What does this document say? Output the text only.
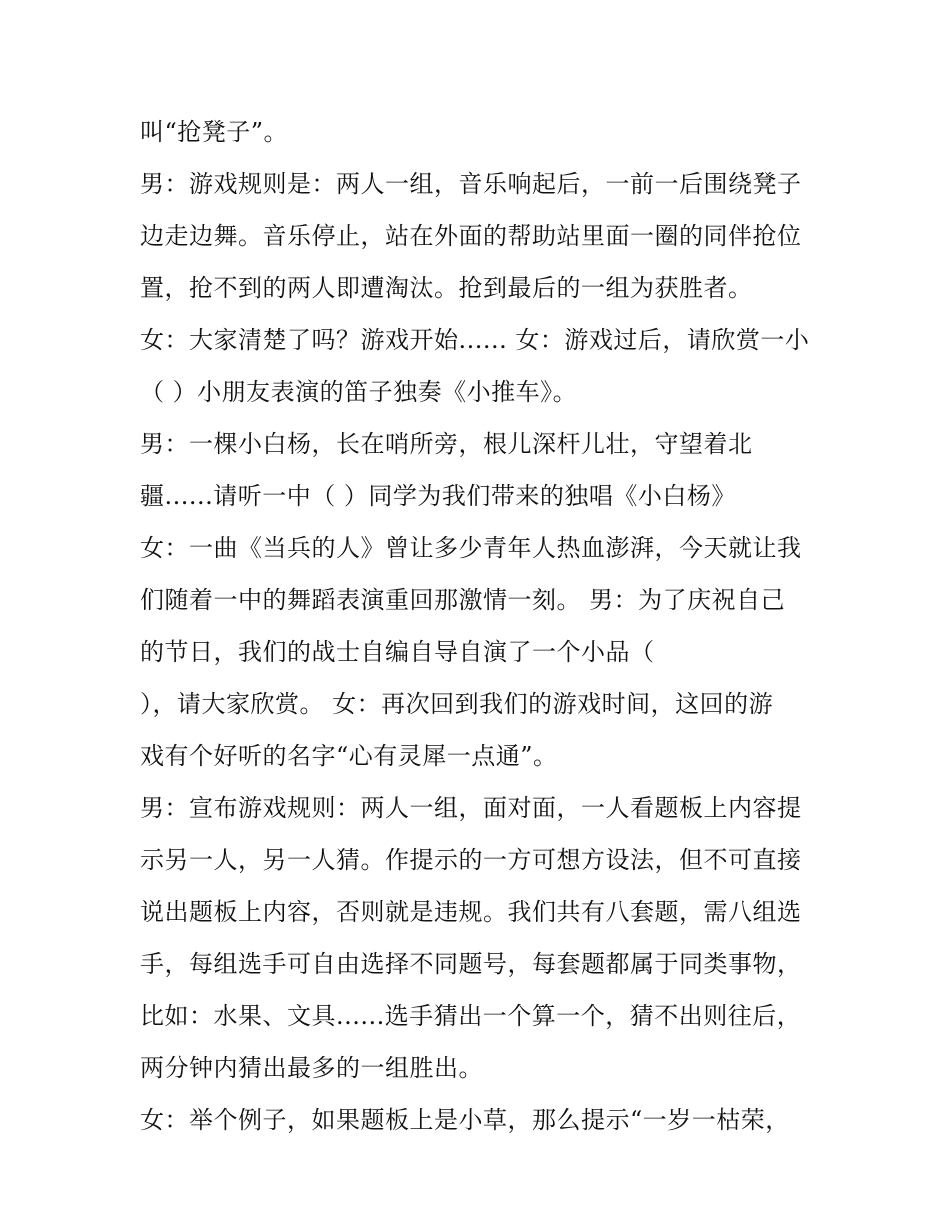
叫“抢凳子”。
男：游戏规则是：两人一组，音乐响起后，一前一后围绕凳子
边走边舞。音乐停止，站在外面的帮助站里面一圈的同伴抢位
置，抢不到的两人即遭淘汰。抢到最后的一组为获胜者。
女：大家清楚了吗？游戏开始...... 女：游戏过后，请欣赏一小
（ ）小朋友表演的笛子独奏《小推车》。
男：一棵小白杨，长在哨所旁，根儿深杆儿壮，守望着北
疆......请听一中（ ）同学为我们带来的独唱《小白杨》
女：一曲《当兵的人》曾让多少青年人热血澎湃，今天就让我
们随着一中的舞蹈表演重回那激情一刻。 男：为了庆祝自己
的节日，我们的战士自编自导自演了一个小品（
），请大家欣赏。 女：再次回到我们的游戏时间，这回的游
戏有个好听的名字“心有灵犀一点通”。
男：宣布游戏规则：两人一组，面对面，一人看题板上内容提
示另一人，另一人猜。作提示的一方可想方设法，但不可直接
说出题板上内容，否则就是违规。我们共有八套题，需八组选
手，每组选手可自由选择不同题号，每套题都属于同类事物，
比如：水果、文具......选手猜出一个算一个，猜不出则往后，
两分钟内猜出最多的一组胜出。
女：举个例子，如果题板上是小草，那么提示“一岁一枯荣，
